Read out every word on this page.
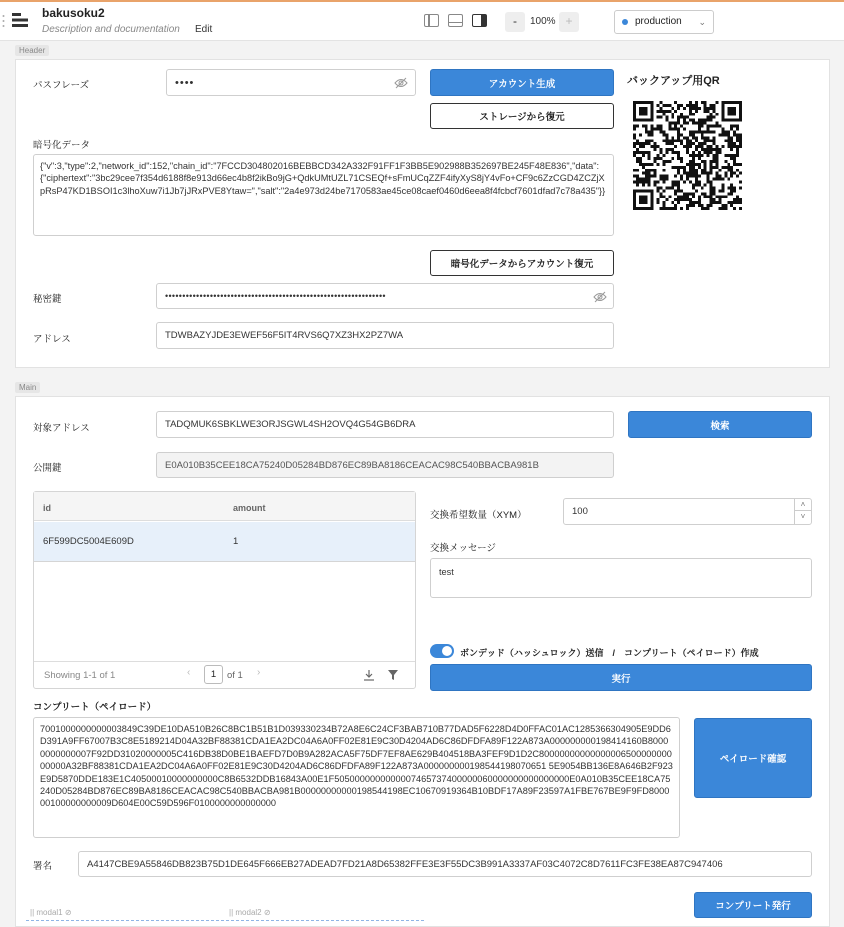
bakusoku2
Description and documentation Edit
-	100% +	production ⌄
Header
パスフレーズ	••••	アカウント生成
ストレージから復元
バックアップ用QR
暗号化データ
{"v":3,"type":2,"network_id":152,"chain_id":"7FCCD304802016BEBBCD342A332F91FF1F3BB5E902988B352697BE245F48E836","data":{"ciphertext":"3bc29cee7f354d6188f8e913d66ec4b8f2ikBo9jG+QdkUMtUZL71CSEQf+sFmUCqZZF4ifyXyS8jY4vFo+CF9c6ZzCGD4ZCZjXpRsP47KD1BSOI1c3lhoXuw7i1Jb7jJRxPVE8Ytaw=","salt":"2a4e973d24be7170583ae45ce08caef0460d6eea8f4fcbcf7601dfad7c78a435"}}
暗号化データからアカウント復元
秘密鍵	••••••••••••••••••••••••••••••••••••••••••••••••••••••••••••••••
アドレス	TDWBAZYJDE3EWEF56F5IT4RVS6Q7XZ3HX2PZ7WA
Main
対象アドレス	TADQMUK6SBKLWE3ORJSGWL4SH2OVQ4G54GB6DRA	検索
公開鍵	E0A010B35CEE18CA75240D05284BD876EC89BA8186CEACAC98C540BBACBA981B
id	amount
6F599DC5004E609D	1
Showing 1-1 of 1	‹	1	of 1 ›
交換希望数量（XYM）	100
˄
˅
交換メッセージ
test
ボンデッド（ハッシュロック）送信　/　コンプリート（ペイロード）作成
実行
コンプリート（ペイロード）
7001000000000003849C39DE10DA510B26C8BC1B51B1D039330234B72A8E6C24CF3BAB710B77DAD5F6228D4D0FFAC01AC1285366304905E9DD6D391A9FF67007B3C8E5189214D04A32BF88381CDA1EA2DC04A6A0FF02E81E9C30D4204AD6C86DFDFA89F122A873A000000000198414160B80000000000007F92DD31020000005C416DB38D0BE1BAEFD7D0B9A282ACA5F75DF7EF8AE629B404518BA3FEF9D1D2C8000000000000000650000000000000A32BF88381CDA1EA2DC04A6A0FF02E81E9C30D4204AD6C86DFDFA89F122A873A000000000198544198070651 5E9054BB136E8A646B2F923E9D5870DDE183E1C40500010000000000C8B6532DDB16843A00E1F5050000000000007465737400000060000000000000000E0A010B35CEE18CA75240D05284BD876EC89BA8186CEACAC98C540BBACBA981B00000000000198544198EC10670919364B10BDF17A89F23597A1FBE767BE9F9FD800000100000000009D604E00C59D596F0100000000000000
ペイロード確認
署名	A4147CBE9A55846DB823B75D1DE645F666EB27ADEAD7FD21A8D65382FFE3E3F55DC3B991A3337AF03C4072C8D7611FC3FE38EA87C947406
コンプリート発行
|| modal1 ⊘	|| modal2 ⊘
